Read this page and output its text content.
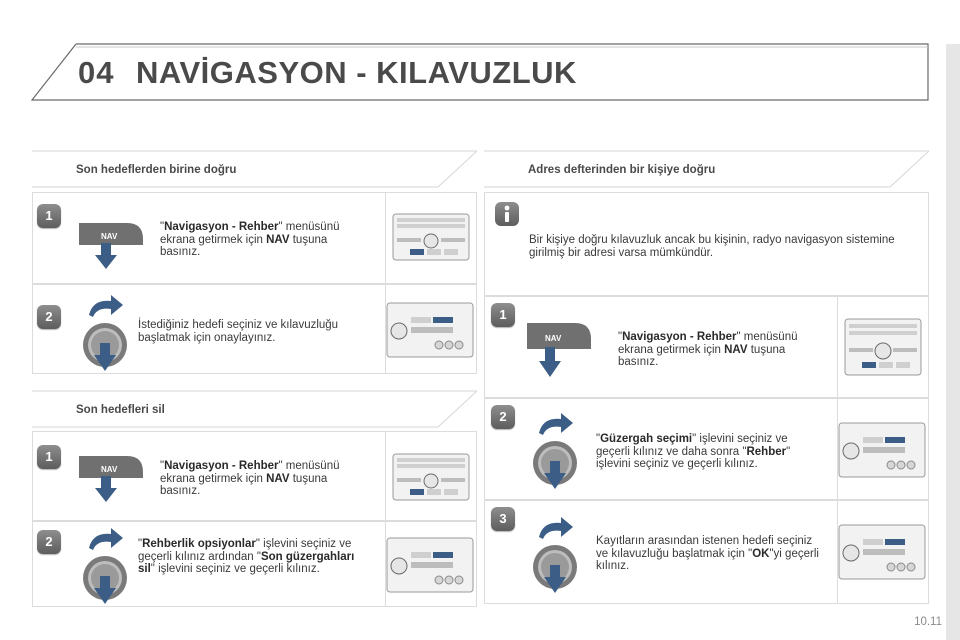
04 NAVİGASYON - KILAVUZLUK
Son hedeflerden birine doğru
1
NAV
"Navigasyon - Rehber" menüsünü ekrana getirmek için NAV tuşuna basınız.
2
İstediğiniz hedefi seçiniz ve kılavuzluğu başlatmak için onaylayınız.
Son hedefleri sil
1
NAV	"Navigasyon - Rehber" menüsünü ekrana getirmek için NAV tuşuna basınız.
2	"Rehberlik opsiyonlar" işlevini seçiniz ve geçerli kılınız ardından "Son güzergahları sil" işlevini seçiniz ve geçerli kılınız.
Adres defterinden bir kişiye doğru
Bir kişiye doğru kılavuzluk ancak bu kişinin, radyo navigasyon sistemine girilmiş bir adresi varsa mümkündür.
1
NAV	"Navigasyon - Rehber" menüsünü ekrana getirmek için NAV tuşuna basınız.
2
"Güzergah seçimi" işlevini seçiniz ve geçerli kılınız ve daha sonra "Rehber" işlevini seçiniz ve geçerli kılınız.
3
Kayıtların arasından istenen hedefi seçiniz ve kılavuzluğu başlatmak için "OK"yi geçerli kılınız.
10.11
